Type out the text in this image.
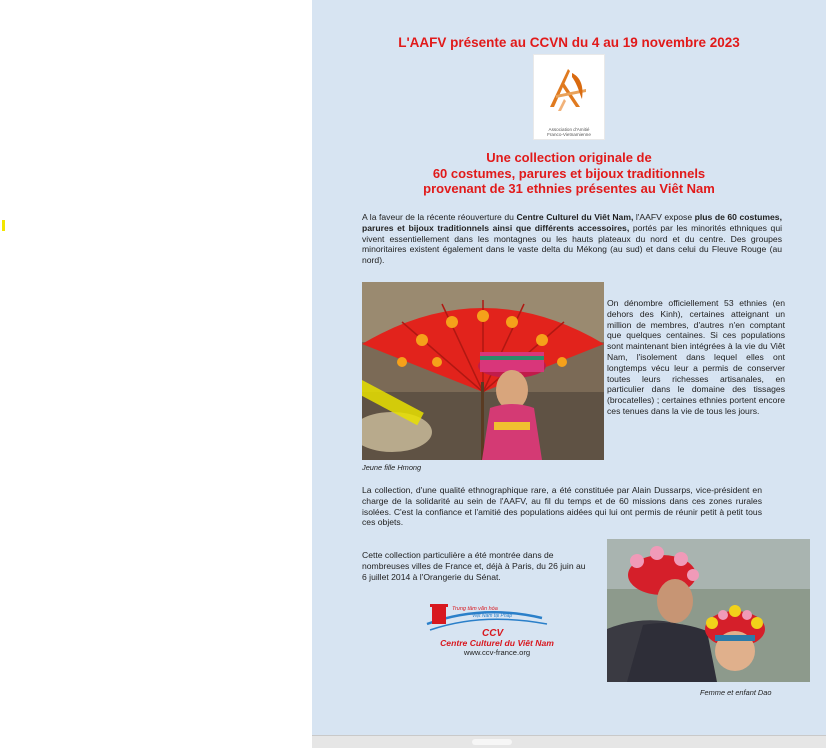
L'AAFV présente au CCVN du 4 au 19 novembre 2023
Association d'Amitié
Franco-Vietnamienne
Une collection originale de
60 costumes, parures et bijoux traditionnels
provenant de 31 ethnies présentes au Viêt Nam
A la faveur de la récente réouverture du Centre Culturel du Viêt Nam, l'AAFV expose plus de 60 costumes, parures et bijoux traditionnels ainsi que différents accessoires, portés par les minorités ethniques qui vivent essentiellement dans les montagnes ou les hauts plateaux du nord et du centre. Des groupes minoritaires existent également dans le vaste delta du Mékong (au sud) et dans celui du Fleuve Rouge (au nord).
Jeune fille Hmong
On dénombre officiellement 53 ethnies (en dehors des Kinh), certaines atteignant un million de membres, d'autres n'en comptant que quelques centaines. Si ces populations sont maintenant bien intégrées à la vie du Viêt Nam, l'isolement dans lequel elles ont longtemps vécu leur a permis de conserver toutes leurs richesses artisanales, en particulier dans le domaine des tissages (brocatelles) ; certaines ethnies portent encore ces tenues dans la vie de tous les jours.
La collection, d'une qualité ethnographique rare, a été constituée par Alain Dussarps, vice-président en charge de la solidarité au sein de l'AAFV, au fil du temps et de 60 missions dans ces zones rurales isolées. C'est la confiance et l'amitié des populations aidées qui lui ont permis de réunir petit à petit tous ces objets.
Cette collection particulière a été montrée dans de nombreuses villes de France et, déjà à Paris, du 26 juin au 6 juillet 2014 à l'Orangerie du Sénat.
Trung tâm văn hóa
Việt Nam tại Pháp
CCV
Centre Culturel du Viêt Nam
www.ccv-france.org
Femme et enfant Dao
